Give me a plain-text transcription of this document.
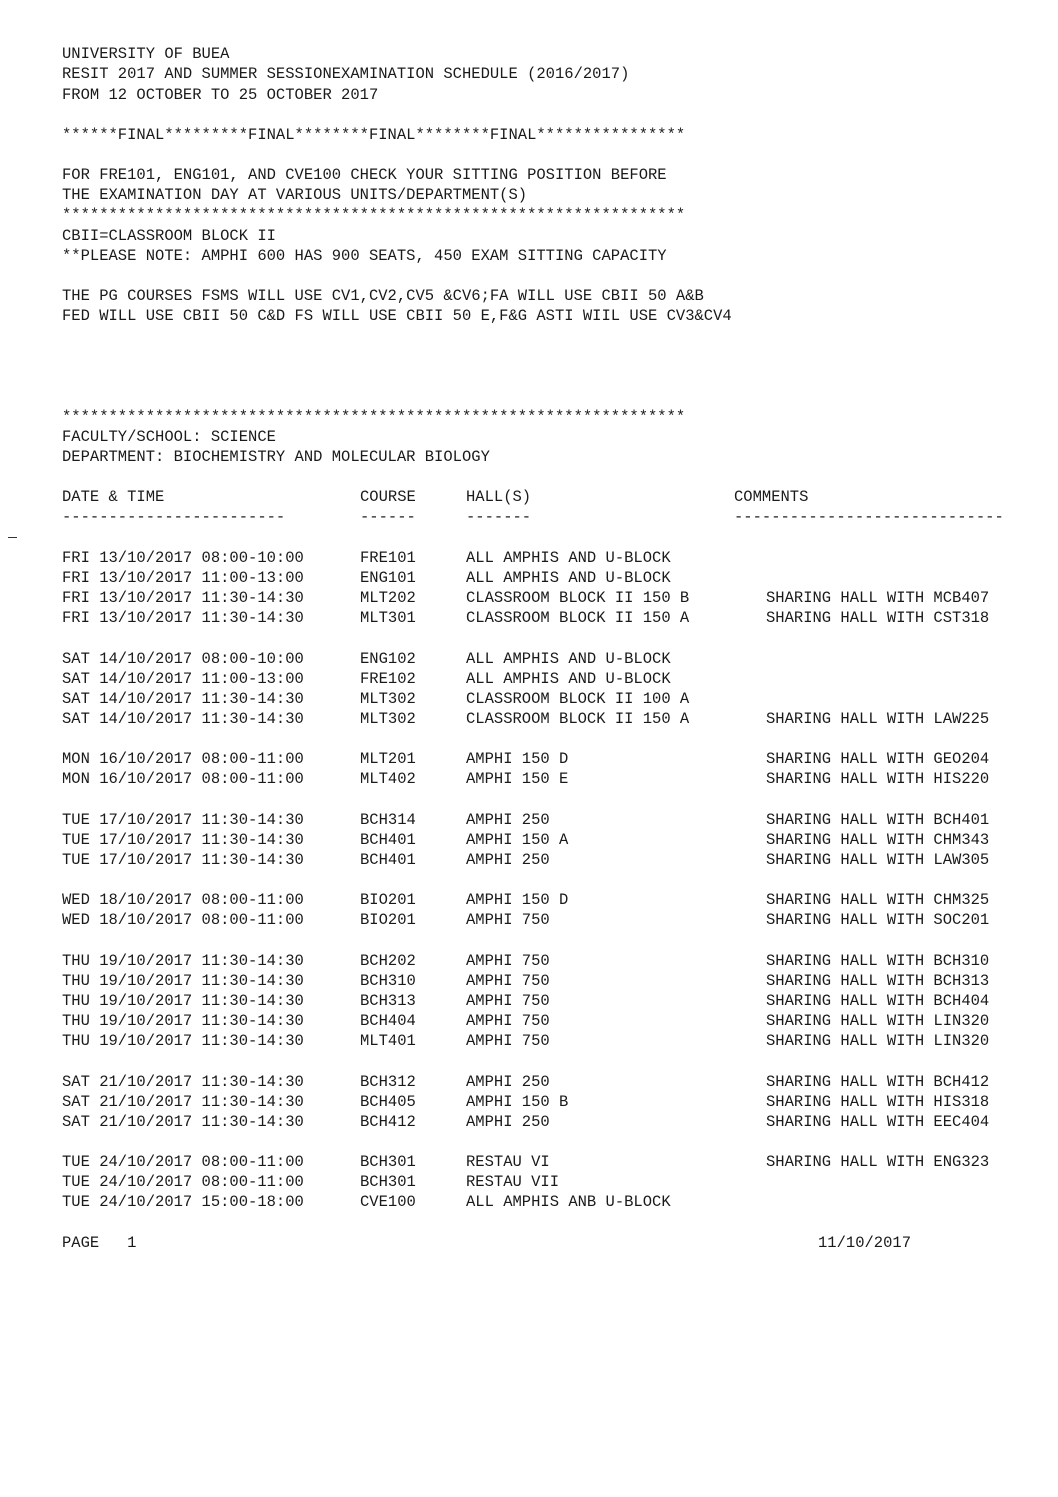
UNIVERSITY OF BUEA
RESIT 2017 AND SUMMER SESSIONEXAMINATION SCHEDULE (2016/2017)
FROM 12 OCTOBER TO 25 OCTOBER 2017
******FINAL*********FINAL********FINAL********FINAL****************
FOR FRE101, ENG101, AND CVE100 CHECK YOUR SITTING POSITION BEFORE
THE EXAMINATION DAY AT VARIOUS UNITS/DEPARTMENT(S)
*******************************************************************
CBII=CLASSROOM BLOCK II
**PLEASE NOTE: AMPHI 600 HAS 900 SEATS, 450 EXAM SITTING CAPACITY
THE PG COURSES FSMS WILL USE CV1,CV2,CV5 &CV6;FA WILL USE CBII 50 A&B
FED WILL USE CBII 50 C&D FS WILL USE CBII 50 E,F&G ASTI WIIL USE CV3&CV4
*******************************************************************
FACULTY/SCHOOL: SCIENCE
DEPARTMENT: BIOCHEMISTRY AND MOLECULAR BIOLOGY
DATE & TIME	COURSE	HALL(S)	COMMENTS
------------------------	------	-------	-----------------------------
FRI 13/10/2017 08:00-10:00	FRE101	ALL AMPHIS AND U-BLOCK
FRI 13/10/2017 11:00-13:00	ENG101	ALL AMPHIS AND U-BLOCK
FRI 13/10/2017 11:30-14:30	MLT202	CLASSROOM BLOCK II 150 B	SHARING HALL WITH MCB407
FRI 13/10/2017 11:30-14:30	MLT301	CLASSROOM BLOCK II 150 A	SHARING HALL WITH CST318
SAT 14/10/2017 08:00-10:00	ENG102	ALL AMPHIS AND U-BLOCK
SAT 14/10/2017 11:00-13:00	FRE102	ALL AMPHIS AND U-BLOCK
SAT 14/10/2017 11:30-14:30	MLT302	CLASSROOM BLOCK II 100 A
SAT 14/10/2017 11:30-14:30	MLT302	CLASSROOM BLOCK II 150 A	SHARING HALL WITH LAW225
MON 16/10/2017 08:00-11:00	MLT201	AMPHI 150 D	SHARING HALL WITH GEO204
MON 16/10/2017 08:00-11:00	MLT402	AMPHI 150 E	SHARING HALL WITH HIS220
TUE 17/10/2017 11:30-14:30	BCH314	AMPHI 250	SHARING HALL WITH BCH401
TUE 17/10/2017 11:30-14:30	BCH401	AMPHI 150 A	SHARING HALL WITH CHM343
TUE 17/10/2017 11:30-14:30	BCH401	AMPHI 250	SHARING HALL WITH LAW305
WED 18/10/2017 08:00-11:00	BIO201	AMPHI 150 D	SHARING HALL WITH CHM325
WED 18/10/2017 08:00-11:00	BIO201	AMPHI 750	SHARING HALL WITH SOC201
THU 19/10/2017 11:30-14:30	BCH202	AMPHI 750	SHARING HALL WITH BCH310
THU 19/10/2017 11:30-14:30	BCH310	AMPHI 750	SHARING HALL WITH BCH313
THU 19/10/2017 11:30-14:30	BCH313	AMPHI 750	SHARING HALL WITH BCH404
THU 19/10/2017 11:30-14:30	BCH404	AMPHI 750	SHARING HALL WITH LIN320
THU 19/10/2017 11:30-14:30	MLT401	AMPHI 750	SHARING HALL WITH LIN320
SAT 21/10/2017 11:30-14:30	BCH312	AMPHI 250	SHARING HALL WITH BCH412
SAT 21/10/2017 11:30-14:30	BCH405	AMPHI 150 B	SHARING HALL WITH HIS318
SAT 21/10/2017 11:30-14:30	BCH412	AMPHI 250	SHARING HALL WITH EEC404
TUE 24/10/2017 08:00-11:00	BCH301	RESTAU VI	SHARING HALL WITH ENG323
TUE 24/10/2017 08:00-11:00	BCH301	RESTAU VII
TUE 24/10/2017 15:00-18:00	CVE100	ALL AMPHIS ANB U-BLOCK
PAGE   1	11/10/2017
